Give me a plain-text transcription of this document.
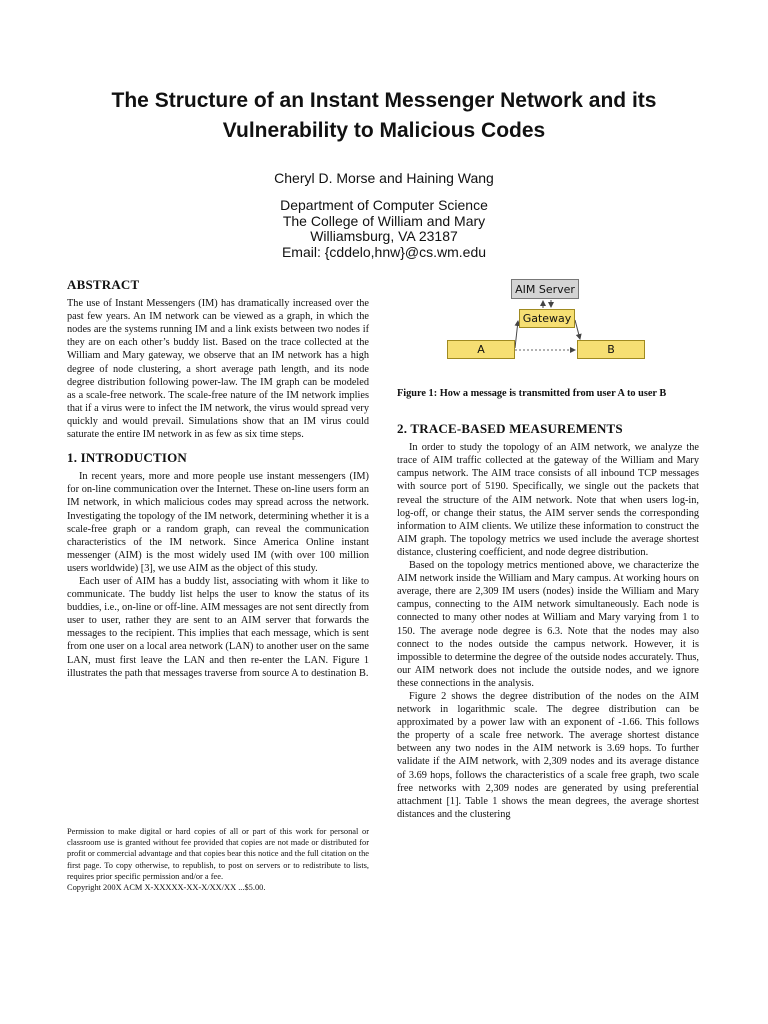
The Structure of an Instant Messenger Network and its
Vulnerability to Malicious Codes
Cheryl D. Morse and Haining Wang
Department of Computer Science
The College of William and Mary
Williamsburg, VA 23187
Email: {cddelo,hnw}@cs.wm.edu
ABSTRACT

The use of Instant Messengers (IM) has dramatically increased over the past few years. An IM network can be viewed as a graph, in which the nodes are the systems running IM and a link exists between two nodes if they are on each other’s buddy list. Based on the trace collected at the William and Mary gateway, we observe that an IM network has a high degree of node clustering, a short average path length, and its node degree distribution following power-law. The IM graph can be modeled as a scale-free network. The scale-free nature of the IM network implies that if a virus were to infect the IM network, the virus would spread very quickly and would prevail. Simulations show that an IM virus could saturate the entire IM network in as few as six time steps.

1. INTRODUCTION

In recent years, more and more people use instant messengers (IM) for on-line communication over the Internet. These on-line users form an IM network, in which malicious codes may spread across the network. Investigating the topology of the IM network, determining whether it is a scale-free graph or a random graph, can reveal the communication characteristics of the IM network. Since America Online instant messenger (AIM) is the most widely used IM (with over 100 million users worldwide) [3], we use AIM as the object of this study.

Each user of AIM has a buddy list, associating with whom it like to communicate. The buddy list helps the user to know the status of its buddies, i.e., on-line or off-line. AIM messages are not sent directly from user to user, rather they are sent to an AIM server that forwards the messages to the recipient. This implies that each message, which is sent from one user on a local area network (LAN) to another user on the same LAN, must first leave the LAN and then re-enter the LAN. Figure 1 illustrates the path that messages traverse from source A to destination B.

Permission to make digital or hard copies of all or part of this work for personal or classroom use is granted without fee provided that copies are not made or distributed for profit or commercial advantage and that copies bear this notice and the full citation on the first page. To copy otherwise, to republish, to post on servers or to redistribute to lists, requires prior specific permission and/or a fee.
Copyright 200X ACM X-XXXXX-XX-X/XX/XX ...$5.00.
AIM Server
Gateway
A	B

Figure 1: How a message is transmitted from user A to user B

2. TRACE-BASED MEASUREMENTS

In order to study the topology of an AIM network, we analyze the trace of AIM traffic collected at the gateway of the William and Mary campus network. The AIM trace consists of all inbound TCP messages with source port of 5190. Specifically, we single out the packets that reveal the structure of the AIM network. Note that when users log-in, log-off, or change their status, the AIM server sends the corresponding information to AIM clients. We utilize these information to construct the AIM graph. The topology metrics we used include the average shortest distance, clustering coefficient, and node degree distribution.

Based on the topology metrics mentioned above, we characterize the AIM network inside the William and Mary campus. At working hours on average, there are 2,309 IM users (nodes) inside the William and Mary campus, connecting to the AIM network simultaneously. Each node is connected to many other nodes at William and Mary varying from 1 to 150. The average node degree is 6.3. Note that the nodes may also connect to the nodes outside the campus network. However, it is impossible to determine the degree of the outside nodes accurately. Thus, our AIM network does not include the outside nodes, and we ignore these connections in the analysis.

Figure 2 shows the degree distribution of the nodes on the AIM network in logarithmic scale. The degree distribution can be approximated by a power law with an exponent of -1.66. This follows the property of a scale free network. The average shortest distance between any two nodes in the AIM network is 3.69 hops. To further validate if the AIM network, with 2,309 nodes and its average distance of 3.69 hops, follows the characteristics of a scale free graph, two scale free networks with 2,309 nodes are generated by using preferential attachment [1]. Table 1 shows the mean degrees, the average shortest distances and the clustering
